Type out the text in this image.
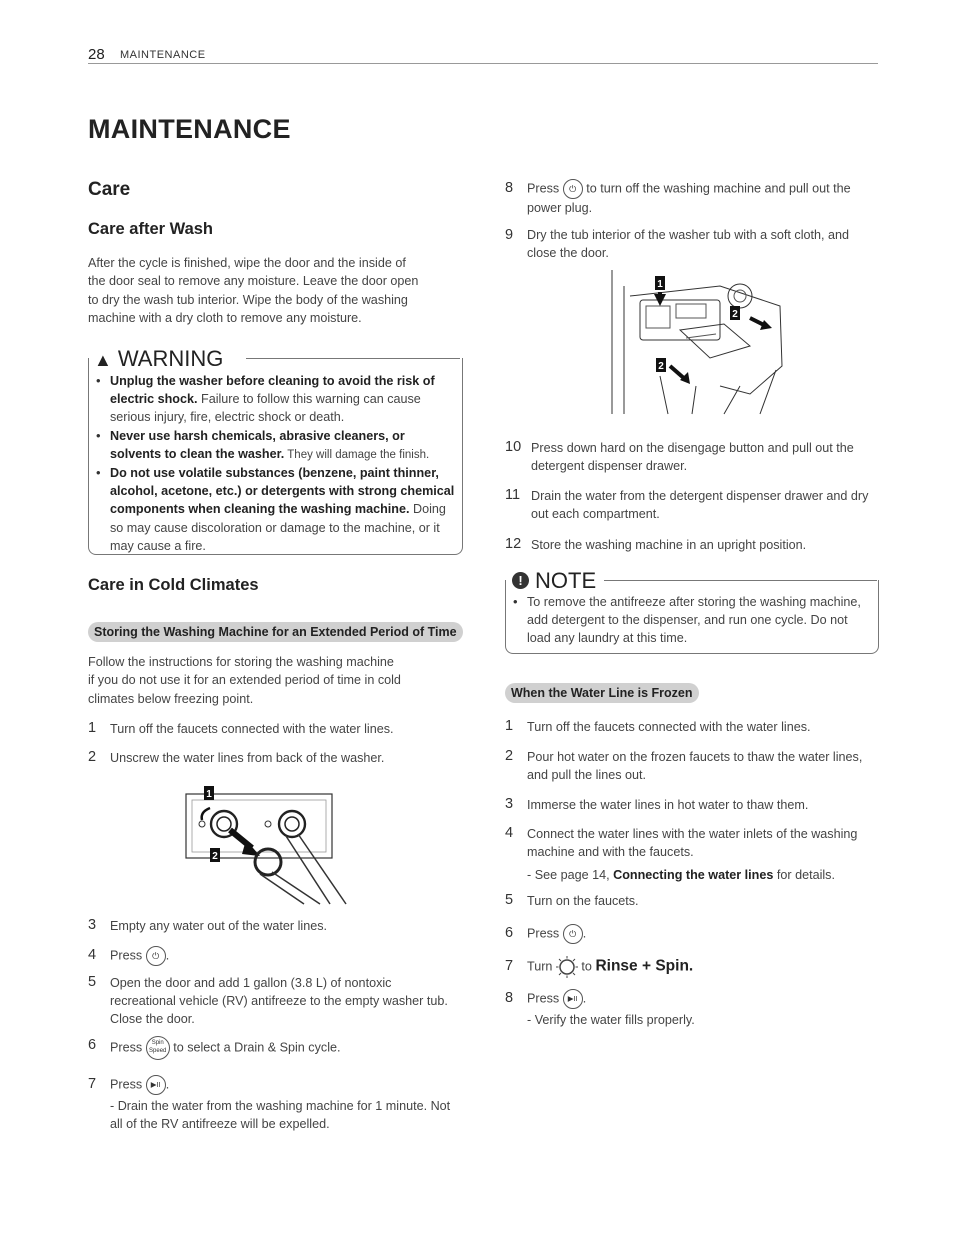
28 MAINTENANCE
MAINTENANCE
Care
Care after Wash
After the cycle is finished, wipe the door and the inside of
the door seal to remove any moisture. Leave the door open
to dry the wash tub interior. Wipe the body of the washing
machine with a dry cloth to remove any moisture.
▲ WARNING
• Unplug the washer before cleaning to avoid the risk of electric shock. Failure to follow this warning can cause serious injury, fire, electric shock or death.
• Never use harsh chemicals, abrasive cleaners, or solvents to clean the washer. They will damage the finish.
• Do not use volatile substances (benzene, paint thinner, alcohol, acetone, etc.) or detergents with strong chemical components when cleaning the washing machine. Doing so may cause discoloration or damage to the machine, or it may cause a fire.
Care in Cold Climates
Storing the Washing Machine for an Extended Period of Time
Follow the instructions for storing the washing machine
if you do not use it for an extended period of time in cold
climates below freezing point.
1 Turn off the faucets connected with the water lines.
2 Unscrew the water lines from back of the washer.
1
2
3 Empty any water out of the water lines.
4 Press ⏻ .
5 Open the door and add 1 gallon (3.8 L) of nontoxic recreational vehicle (RV) antifreeze to the empty washer tub. Close the door.
6 Press	Spin
Speed to select a Drain & Spin cycle.
7 Press ▶II .
- Drain the water from the washing machine for 1 minute. Not all of the RV antifreeze will be expelled.
8 Press ⏻ to turn off the washing machine and pull out the power plug.
9 Dry the tub interior of the washer tub with a soft cloth, and close the door.
1
2
2
10 Press down hard on the disengage button and pull out the detergent dispenser drawer.
11 Drain the water from the detergent dispenser drawer and dry out each compartment.
12 Store the washing machine in an upright position.
! NOTE
• To remove the antifreeze after storing the washing machine, add detergent to the dispenser, and run one cycle. Do not load any laundry at this time.
When the Water Line is Frozen
1 Turn off the faucets connected with the water lines.
2 Pour hot water on the frozen faucets to thaw the water lines, and pull the lines out.
3 Immerse the water lines in hot water to thaw them.
4 Connect the water lines with the water inlets of the washing machine and with the faucets.
- See page 14, Connecting the water lines for details.
5 Turn on the faucets.
6 Press ⏻ .
7 Turn  to Rinse + Spin.
8 Press ▶II .
- Verify the water fills properly.
